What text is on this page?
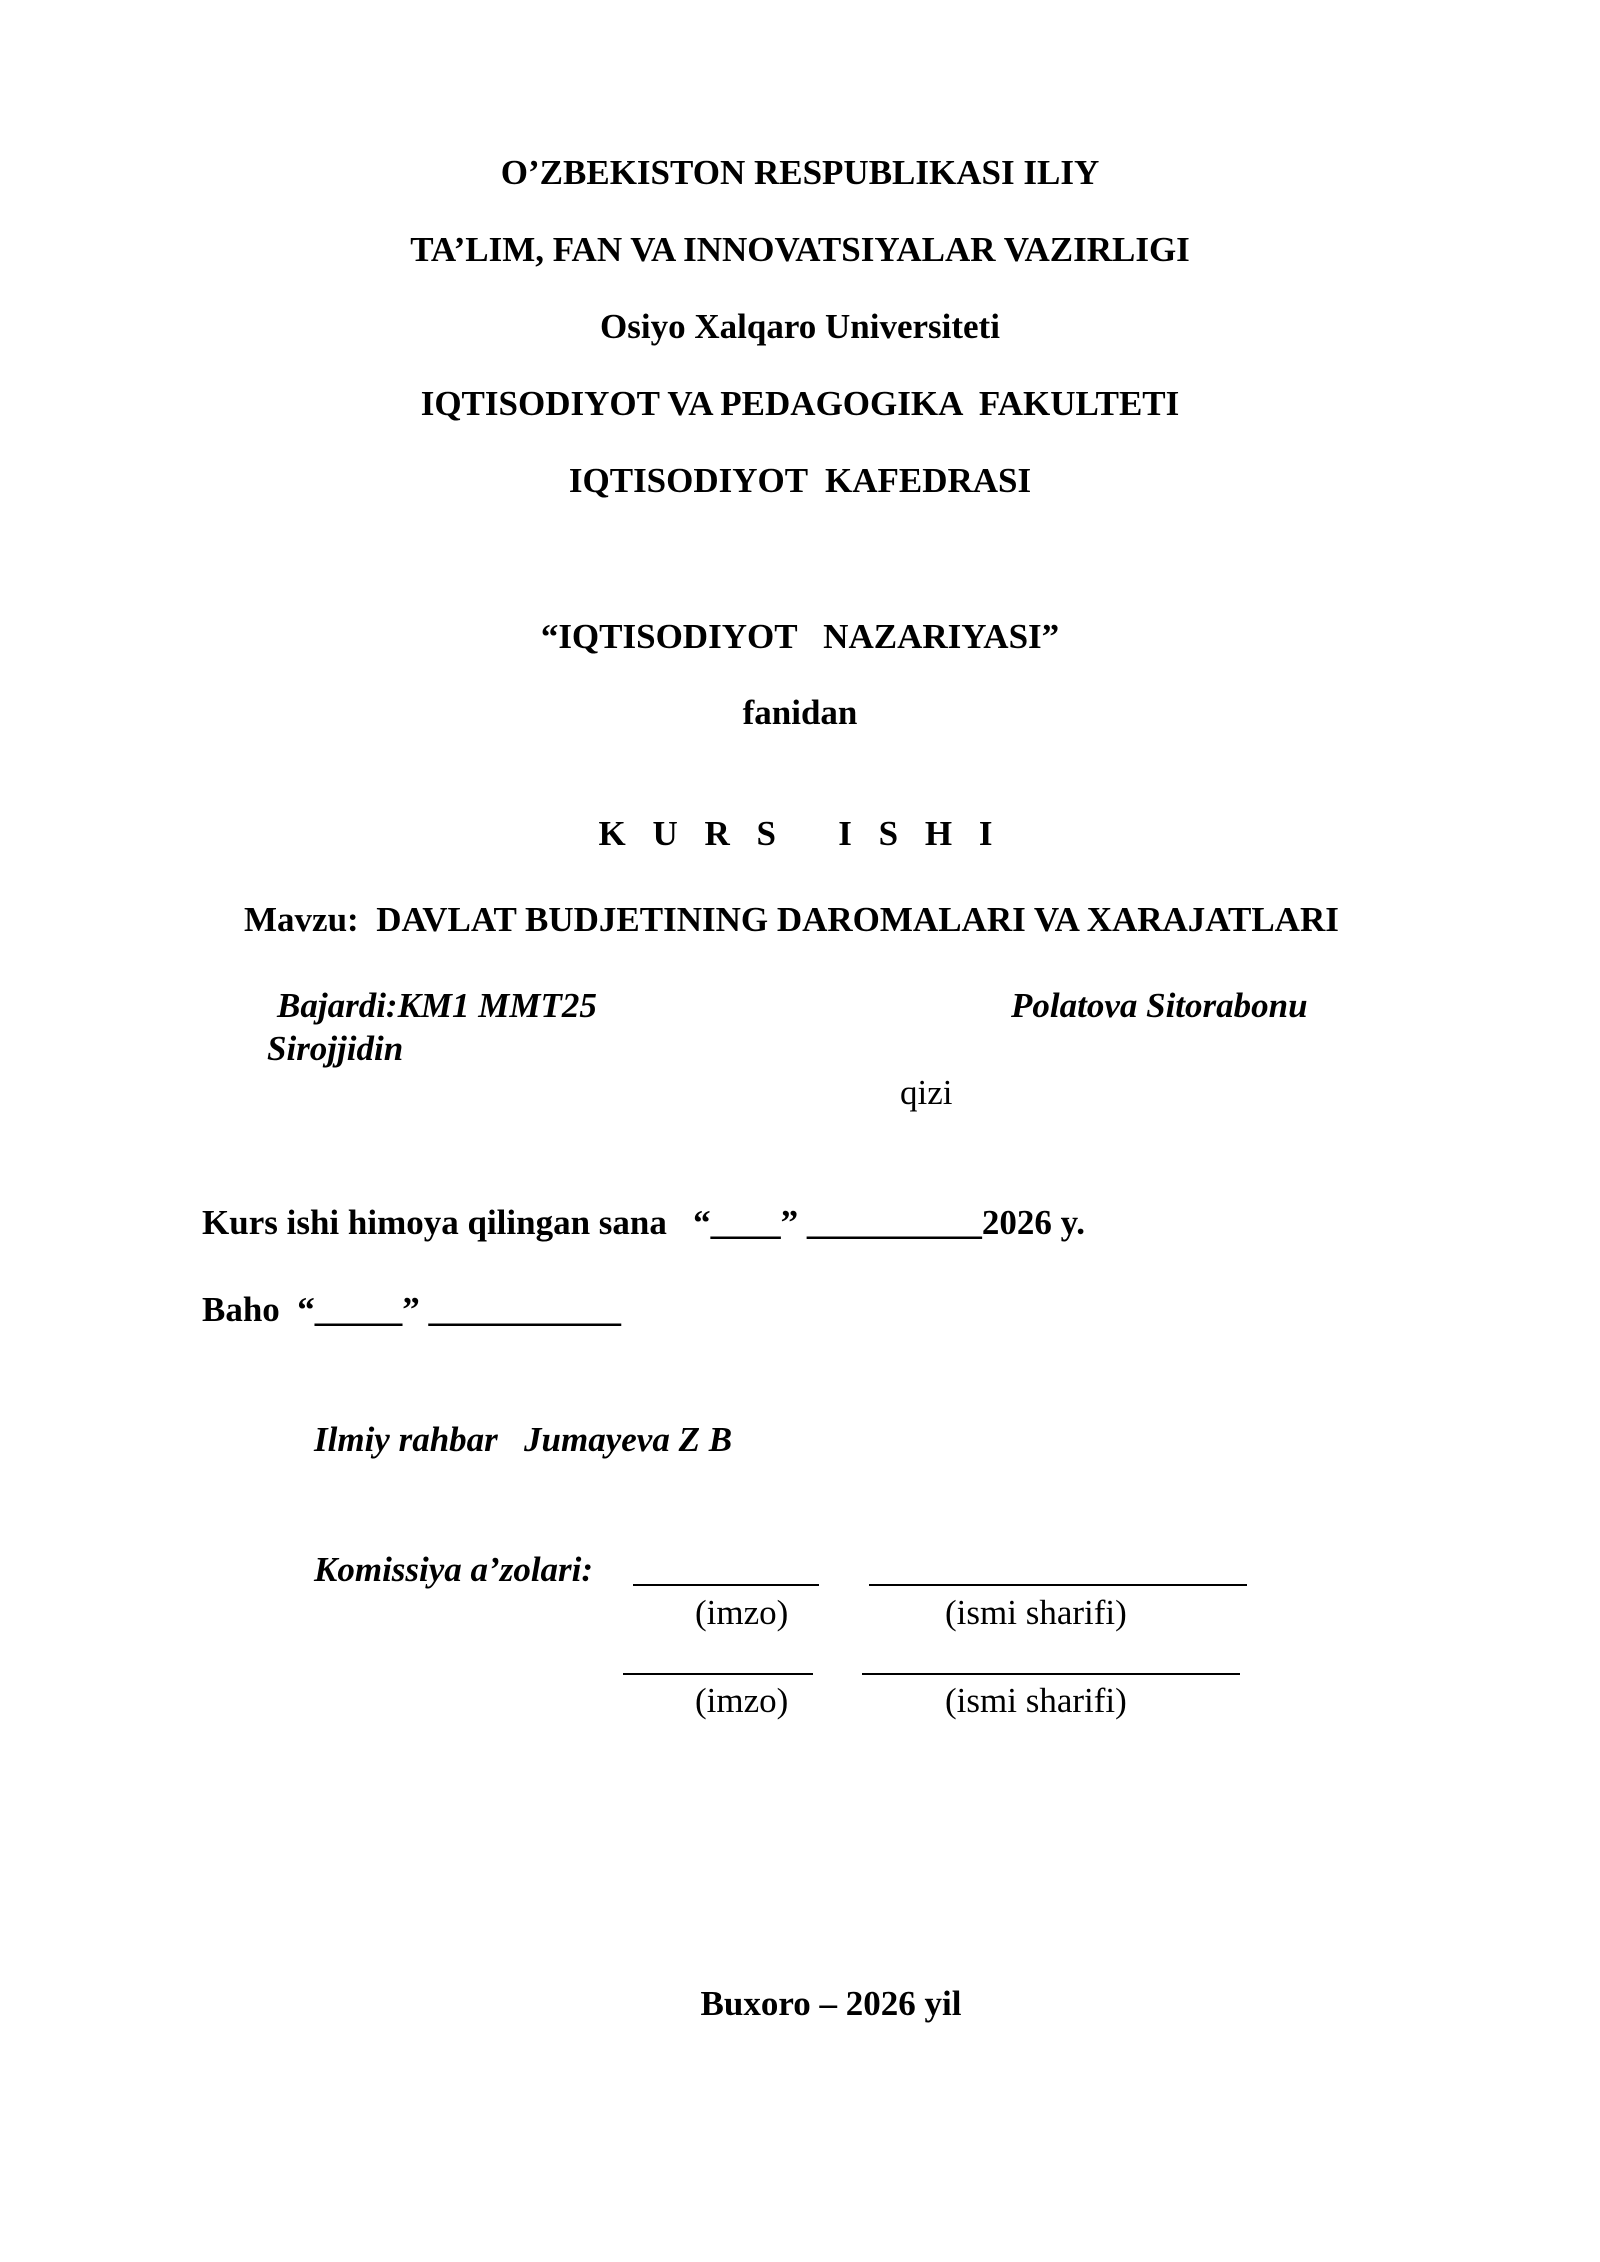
O’ZBEKISTON RESPUBLIKASI ILIY
TA’LIM, FAN VA INNOVATSIYALAR VAZIRLIGI
Osiyo Xalqaro Universiteti
IQTISODIYOT VA PEDAGOGIKA  FAKULTETI
IQTISODIYOT  KAFEDRASI
“IQTISODIYOT   NAZARIYASI”
fanidan
K U R S   I S H I
Mavzu:  DAVLAT BUDJETINING DAROMALARI VA XARAJATLARI
Bajardi:KM1 MMT25	Polatova Sitorabonu
Sirojjidin
qizi
Kurs ishi himoya qilingan sana   “____” __________2026 y.
Baho  “_____” ___________
Ilmiy rahbar   Jumayeva Z B
Komissiya a’zolari:
(imzo)	(ismi sharifi)
(imzo)	(ismi sharifi)
Buxoro – 2026 yil
